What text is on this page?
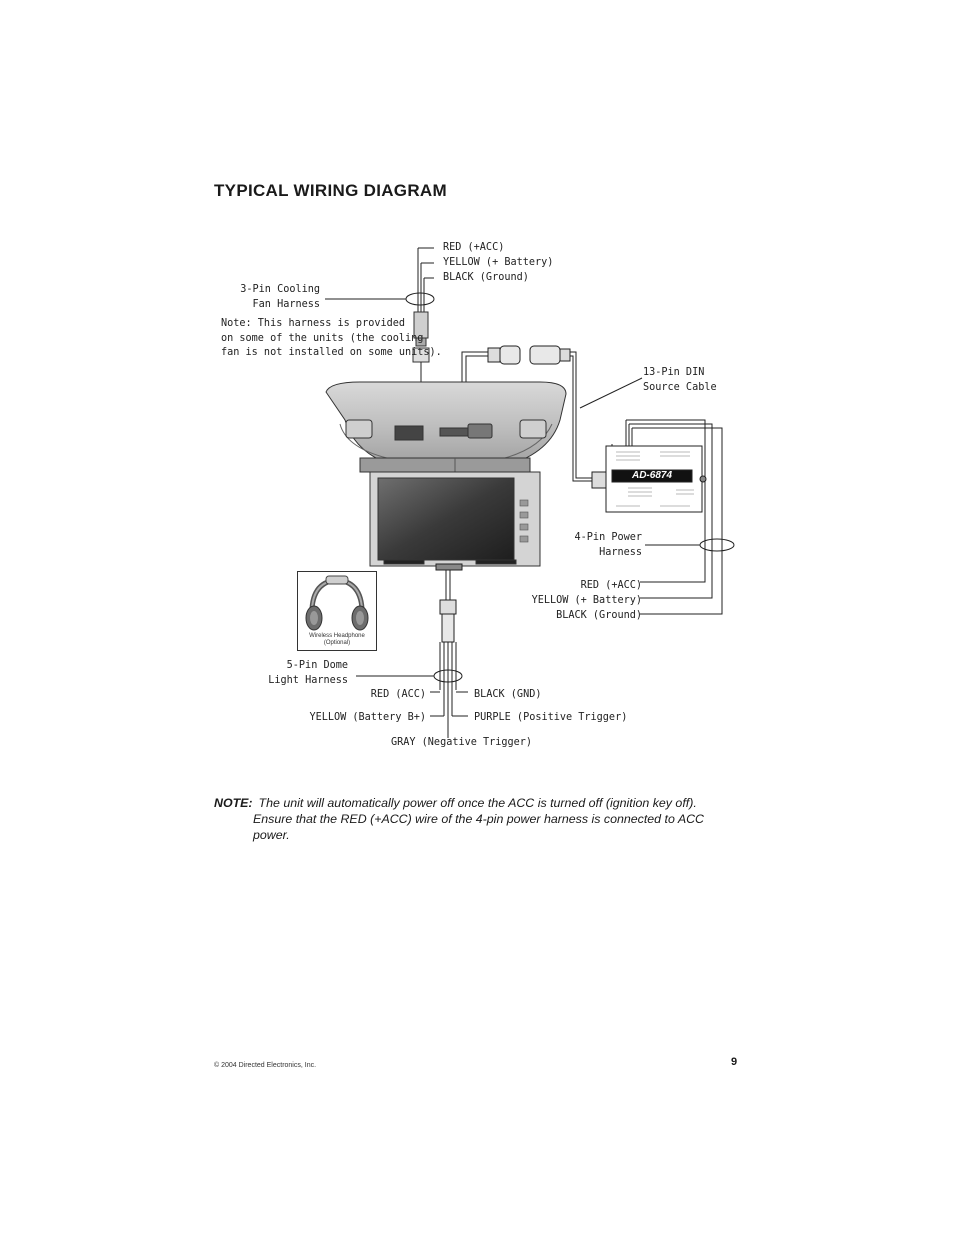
TYPICAL WIRING DIAGRAM
RED (+ACC)
YELLOW (+ Battery)
BLACK (Ground)
3-Pin Cooling
Fan Harness
Note: This harness is provided
on some of the units (the cooling
fan is not installed on some units).
13-Pin DIN
Source Cable
AD-6874
4-Pin Power
Harness
RED (+ACC)
YELLOW (+ Battery)
BLACK (Ground)
Wireless Headphone
(Optional)
5-Pin Dome
Light Harness
RED (ACC)	BLACK (GND)
YELLOW (Battery B+)	PURPLE (Positive Trigger)
GRAY (Negative Trigger)
NOTE: The unit will automatically power off once the ACC is turned off (ignition key off).
Ensure that the RED (+ACC) wire of the 4-pin power harness is connected to ACC power.
© 2004 Directed Electronics, Inc.	9
